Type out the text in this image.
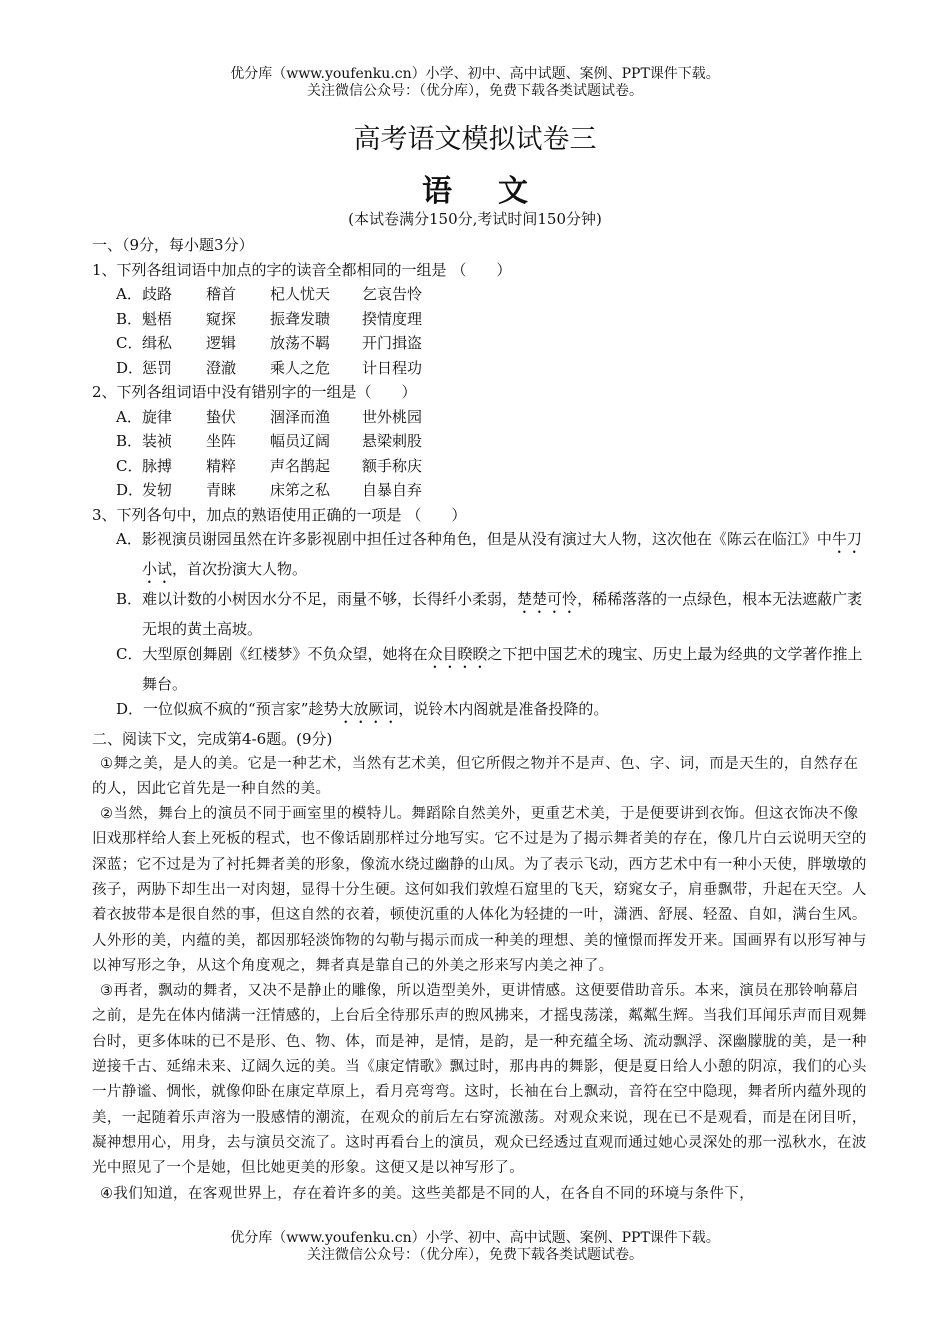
优分库（www.youfenku.cn）小学、初中、高中试题、案例、PPT课件下载。
关注微信公众号：（优分库），免费下载各类试题试卷。
高考语文模拟试卷三
语文
(本试卷满分150分,考试时间150分钟)

一、（9分，每小题3分）

1、下列各组词语中加点的字的读音全都相同的一组是 （　　）

A．歧路 稽首 杞人忧天 乞哀告怜
B．魁梧 窥探 振聋发聩 揆情度理
C．缉私 逻辑 放荡不羁 开门揖盗
D．惩罚 澄澈 乘人之危 计日程功

2、下列各组词语中没有错别字的一组是（　　）

A．旋律 蛰伏 涸泽而渔 世外桃园
B．装祯 坐阵 幅员辽阔 悬梁刺股
C．脉搏 精粹 声名鹊起 额手称庆
D．发轫 青睐 床笫之私 自暴自弃

3、下列各句中，加点的熟语使用正确的一项是 （　　）

A．影视演员谢园虽然在许多影视剧中担任过各种角色，但是从没有演过大人物，这次他在《陈云在临江》中牛刀小试，首次扮演大人物。
B．难以计数的小树因水分不足，雨量不够，长得纤小柔弱，楚楚可怜，稀稀落落的一点绿色，根本无法遮蔽广袤无垠的黄土高坡。
C．大型原创舞剧《红楼梦》不负众望，她将在众目睽睽之下把中国艺术的瑰宝、历史上最为经典的文学著作推上舞台。
D．一位似疯不疯的“预言家”趁势大放厥词，说铃木内阁就是准备投降的。

二、阅读下文，完成第4-6题。(9分)

①舞之美，是人的美。它是一种艺术，当然有艺术美，但它所假之物并不是声、色、字、词，而是天生的，自然存在的人，因此它首先是一种自然的美。

②当然，舞台上的演员不同于画室里的模特儿。舞蹈除自然美外，更重艺术美，于是便要讲到衣饰。但这衣饰决不像旧戏那样给人套上死板的程式，也不像话剧那样过分地写实。它不过是为了揭示舞者美的存在，像几片白云说明天空的深蓝；它不过是为了衬托舞者美的形象，像流水绕过幽静的山凤。为了表示飞动，西方艺术中有一种小天使，胖墩墩的孩子，两胁下却生出一对肉翅，显得十分生硬。这何如我们敦煌石窟里的飞天，窈窕女子，肩垂飘带，升起在天空。人着衣披带本是很自然的事，但这自然的衣着，顿使沉重的人体化为轻捷的一叶，潇洒、舒展、轻盈、自如，满台生风。人外形的美，内蕴的美，都因那轻淡饰物的勾勒与揭示而成一种美的理想、美的憧憬而挥发开来。国画界有以形写神与以神写形之争，从这个角度观之，舞者真是靠自己的外美之形来写内美之神了。

③再者，飘动的舞者，又决不是静止的雕像，所以造型美外，更讲情感。这便要借助音乐。本来，演员在那铃响幕启之前，是先在体内储满一汪情感的，上台后全待那乐声的煦风拂来，才摇曳荡漾，粼粼生辉。当我们耳闻乐声而目观舞台时，更多体味的已不是形、色、物、体，而是神，是情，是韵，是一种充蕴全场、流动飘浮、深幽朦胧的美，是一种逆接千古、延绵未来、辽阔久远的美。当《康定情歌》飘过时，那冉冉的舞影，便是夏日给人小憩的阴凉，我们的心头一片静谧、惆怅，就像仰卧在康定草原上，看月亮弯弯。这时，长袖在台上飘动，音符在空中隐现，舞者所内蕴外现的美，一起随着乐声溶为一股感情的潮流，在观众的前后左右穿流激荡。对观众来说，现在已不是观看，而是在闭目听，凝神想用心，用身，去与演员交流了。这时再看台上的演员，观众已经透过直观而通过她心灵深处的那一泓秋水，在波光中照见了一个是她，但比她更美的形象。这便又是以神写形了。

④我们知道，在客观世界上，存在着许多的美。这些美都是不同的人，在各自不同的环境与条件下，

优分库（www.youfenku.cn）小学、初中、高中试题、案例、PPT课件下载。
关注微信公众号：（优分库），免费下载各类试题试卷。
